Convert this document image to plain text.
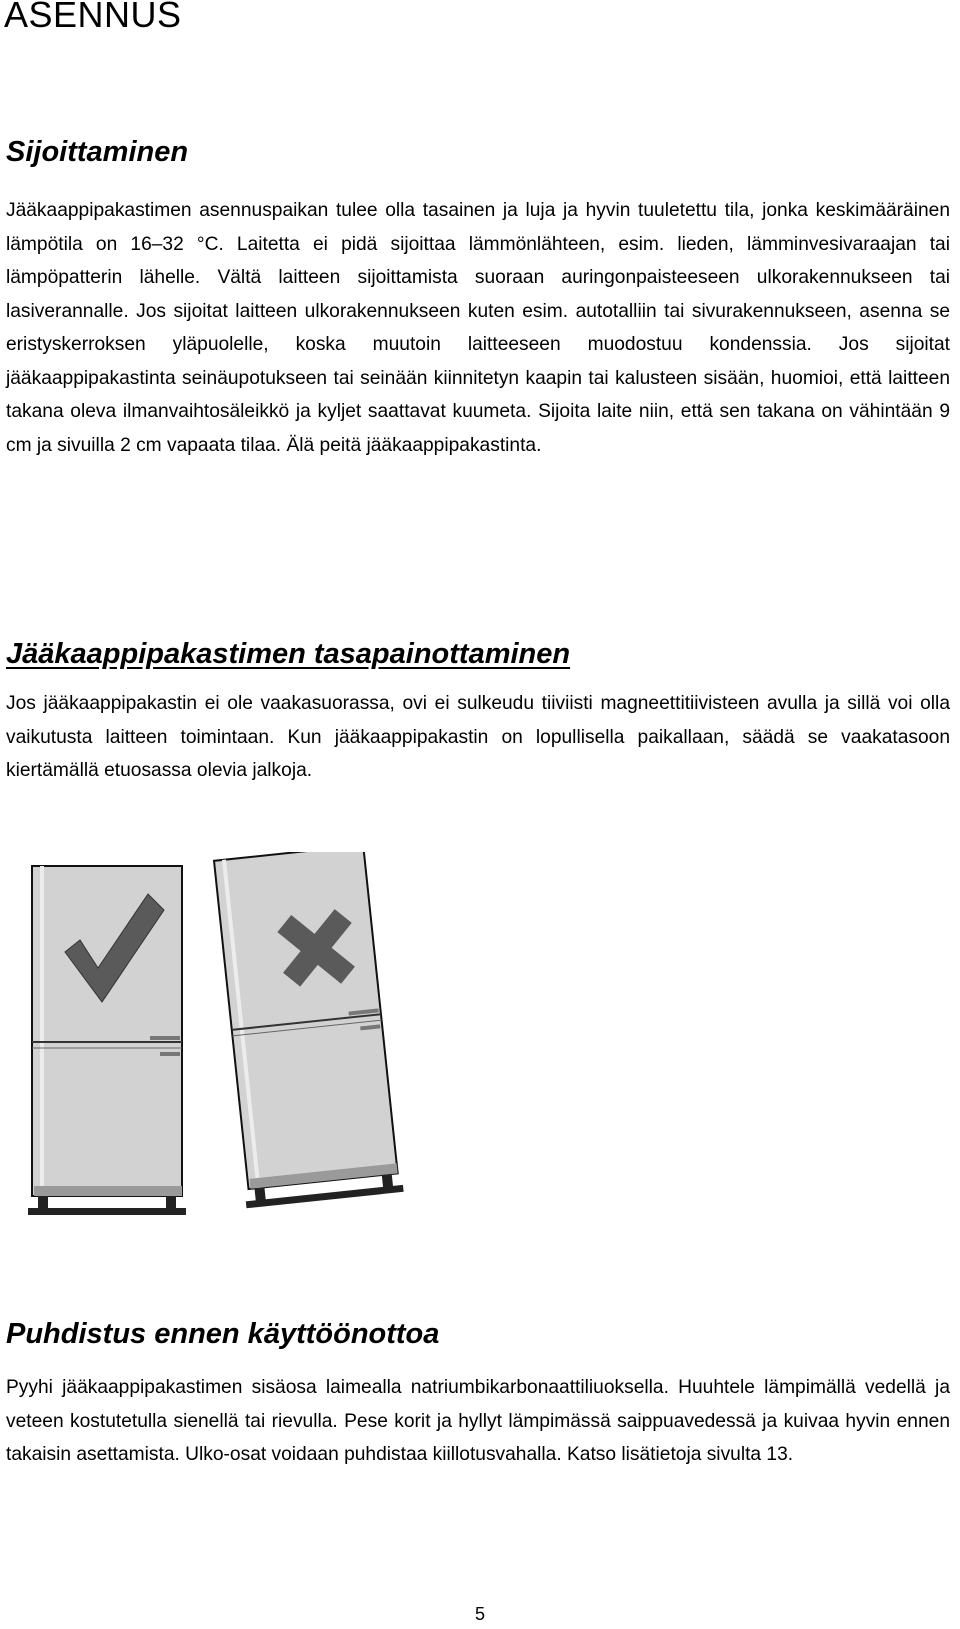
ASENNUS
Sijoittaminen

Jääkaappipakastimen asennuspaikan tulee olla tasainen ja luja ja hyvin tuuletettu tila, jonka keskimääräinen lämpötila on 16–32 °C. Laitetta ei pidä sijoittaa lämmönlähteen, esim. lieden, lämminvesivaraajan tai lämpöpatterin lähelle. Vältä laitteen sijoittamista suoraan auringonpaisteeseen ulkorakennukseen tai lasiverannalle. Jos sijoitat laitteen ulkorakennukseen kuten esim. autotalliin tai sivurakennukseen, asenna se eristyskerroksen yläpuolelle, koska muutoin laitteeseen muodostuu kondenssia. Jos sijoitat jääkaappipakastinta seinäupotukseen tai seinään kiinnitetyn kaapin tai kalusteen sisään, huomioi, että laitteen takana oleva ilmanvaihtosäleikkö ja kyljet saattavat kuumeta. Sijoita laite niin, että sen takana on vähintään 9 cm ja sivuilla 2 cm vapaata tilaa. Älä peitä jääkaappipakastinta.

Jääkaappipakastimen tasapainottaminen

Jos jääkaappipakastin ei ole vaakasuorassa, ovi ei sulkeudu tiiviisti magneettitiivisteen avulla ja sillä voi olla vaikutusta laitteen toimintaan. Kun jääkaappipakastin on lopullisella paikallaan, säädä se vaakatasoon kiertämällä etuosassa olevia jalkoja.

Puhdistus ennen käyttöönottoa

Pyyhi jääkaappipakastimen sisäosa laimealla natriumbikarbonaattiliuoksella. Huuhtele lämpimällä vedellä ja veteen kostutetulla sienellä tai rievulla. Pese korit ja hyllyt lämpimässä saippuavedessä ja kuivaa hyvin ennen takaisin asettamista. Ulko-osat voidaan puhdistaa kiillotusvahalla. Katso lisätietoja sivulta 13.

5
